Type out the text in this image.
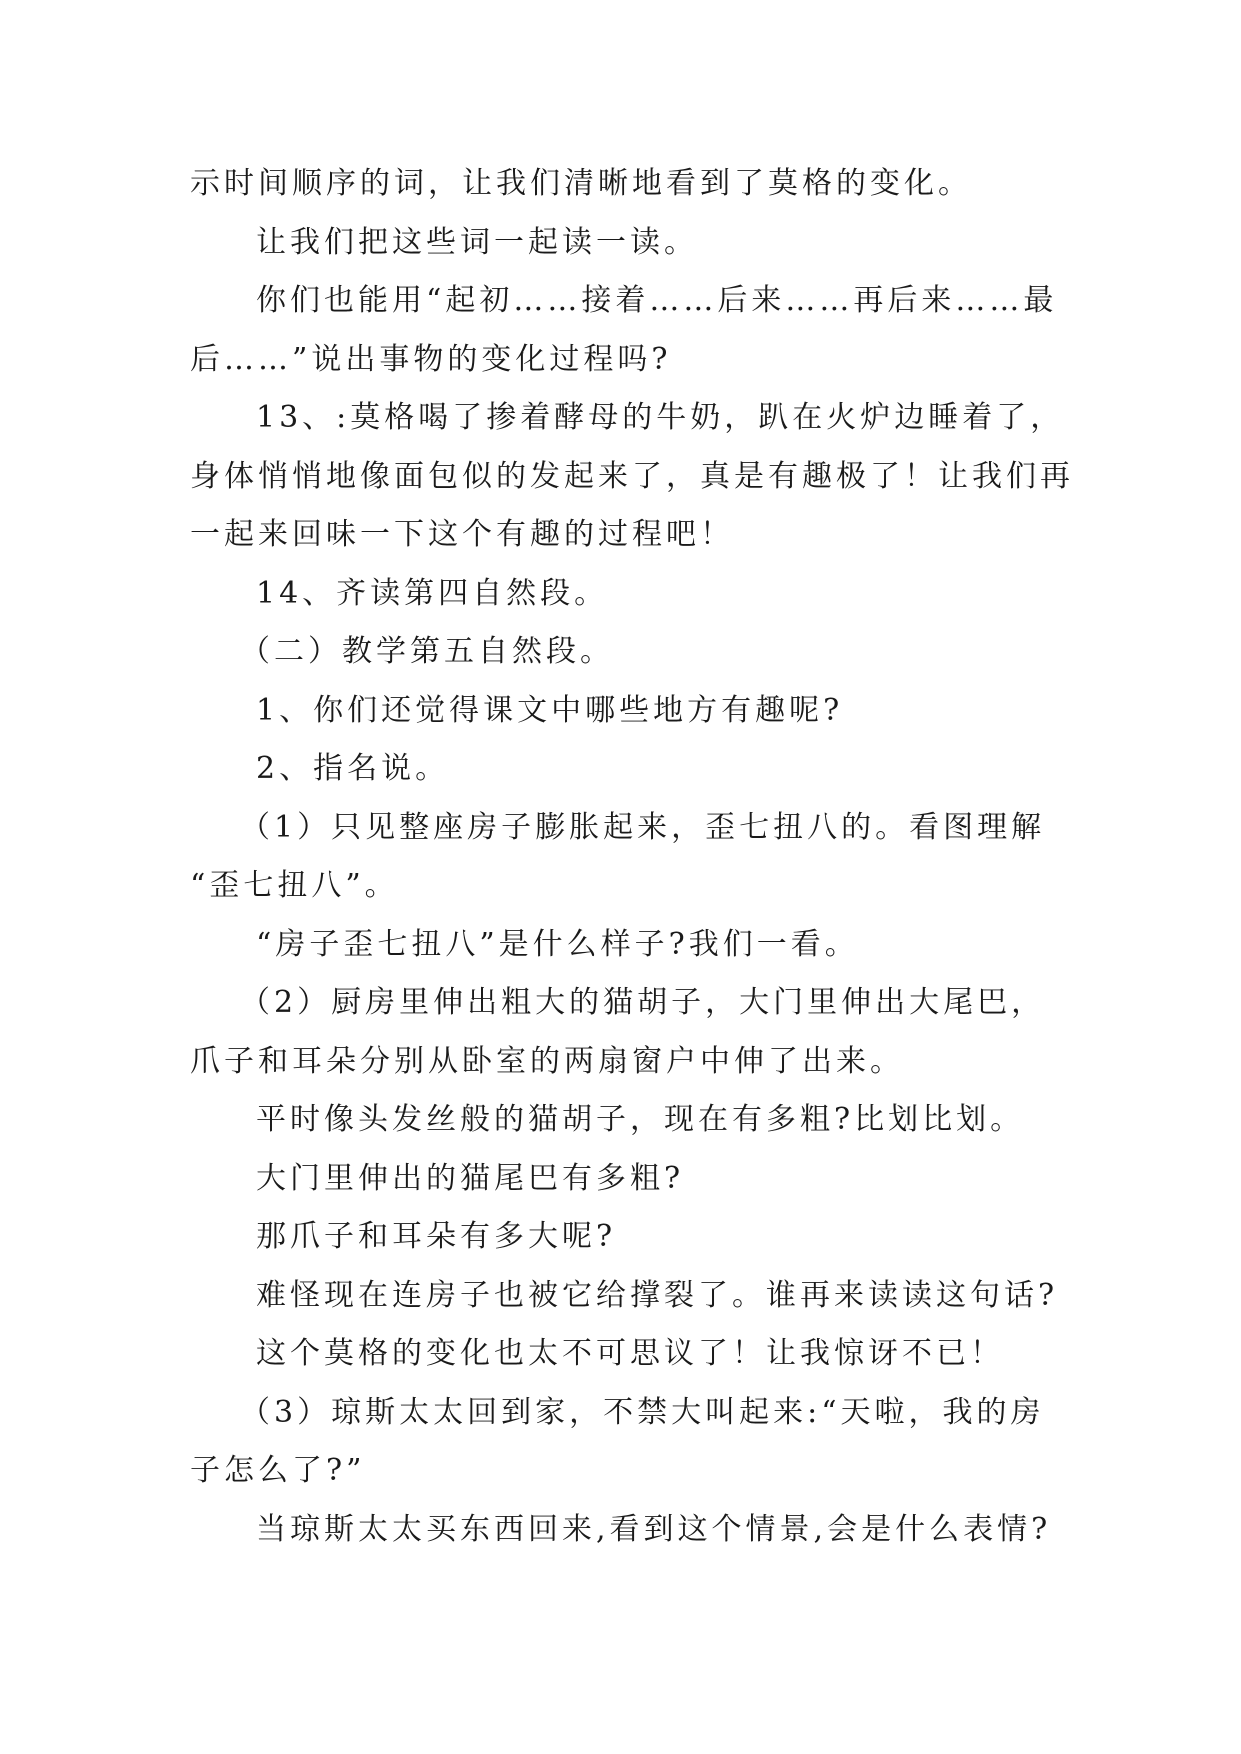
示时间顺序的词，让我们清晰地看到了莫格的变化。
让我们把这些词一起读一读。
你们也能用“起初……接着……后来……再后来……最
后……”说出事物的变化过程吗?
13、:莫格喝了掺着酵母的牛奶，趴在火炉边睡着了，
身体悄悄地像面包似的发起来了，真是有趣极了！让我们再
一起来回味一下这个有趣的过程吧！
14、齐读第四自然段。
（二）教学第五自然段。
1、你们还觉得课文中哪些地方有趣呢?
2、指名说。
（1）只见整座房子膨胀起来，歪七扭八的。看图理解
“歪七扭八”。
“房子歪七扭八”是什么样子?我们一看。
（2）厨房里伸出粗大的猫胡子，大门里伸出大尾巴，
爪子和耳朵分别从卧室的两扇窗户中伸了出来。
平时像头发丝般的猫胡子，现在有多粗?比划比划。
大门里伸出的猫尾巴有多粗?
那爪子和耳朵有多大呢?
难怪现在连房子也被它给撑裂了。谁再来读读这句话?
这个莫格的变化也太不可思议了！让我惊讶不已！
（3）琼斯太太回到家，不禁大叫起来:“天啦，我的房
子怎么了?”
当琼斯太太买东西回来,看到这个情景,会是什么表情?
